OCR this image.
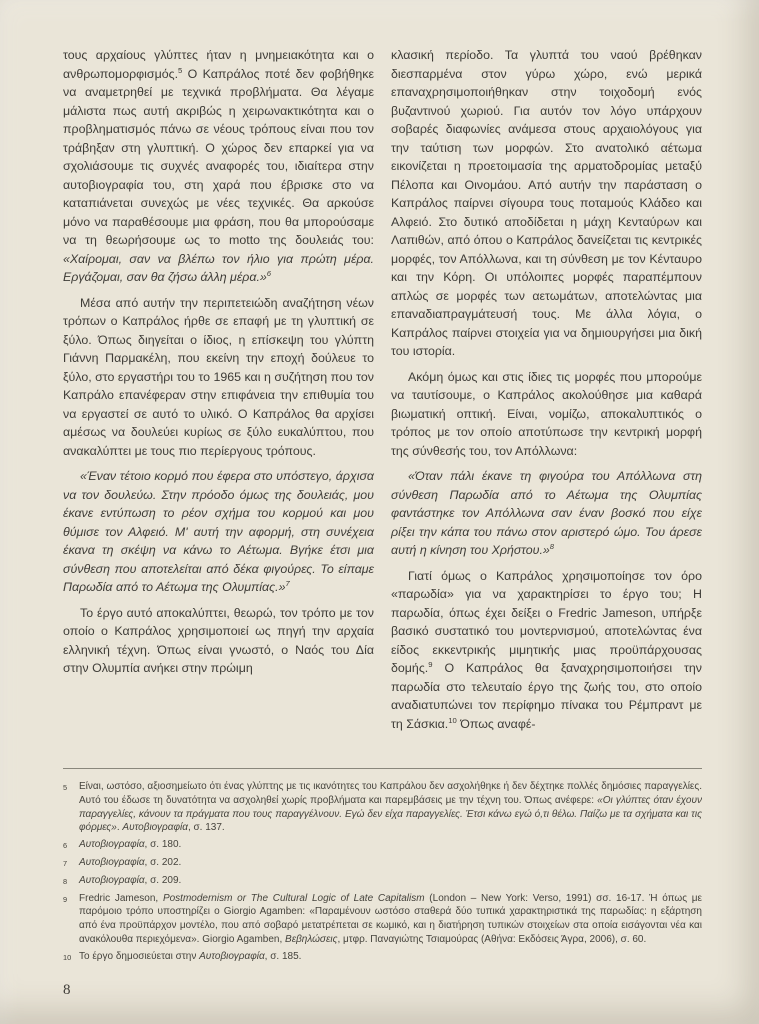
τους αρχαίους γλύπτες ήταν η μνημειακότητα και ο ανθρωπομορφισμός.$^5$ Ο Καπράλος ποτέ δεν φοβήθηκε να αναμετρηθεί με τεχνικά προβλήματα. Θα λέγαμε μάλιστα πως αυτή ακριβώς η χειρωνακτικότητα και ο προβληματισμός πάνω σε νέους τρόπους είναι που τον τράβηξαν στη γλυπτική. Ο χώρος δεν επαρκεί για να σχολιάσουμε τις συχνές αναφορές του, ιδιαίτερα στην αυτοβιογραφία του, στη χαρά που έβρισκε στο να καταπιάνεται συνεχώς με νέες τεχνικές. Θα αρκούσε μόνο να παραθέσουμε μια φράση, που θα μπορούσαμε να τη θεωρήσουμε ως το motto της δουλειάς του: «Χαίρομαι, σαν να βλέπω τον ήλιο για πρώτη μέρα. Εργάζομαι, σαν θα ζήσω άλλη μέρα.»$^6$

Μέσα από αυτήν την περιπετειώδη αναζήτηση νέων τρόπων ο Καπράλος ήρθε σε επαφή με τη γλυπτική σε ξύλο. Όπως διηγείται ο ίδιος, η επίσκεψη του γλύπτη Γιάννη Παρμακέλη, που εκείνη την εποχή δούλευε το ξύλο, στο εργαστήρι του το 1965 και η συζήτηση που τον Καπράλο επανέφεραν στην επιφάνεια την επιθυμία του να εργαστεί σε αυτό το υλικό. Ο Καπράλος θα αρχίσει αμέσως να δουλεύει κυρίως σε ξύλο ευκαλύπτου, που ανακαλύπτει με τους πιο περίεργους τρόπους.

«Έναν τέτοιο κορμό που έφερα στο υπόστεγο, άρχισα να τον δουλεύω. Στην πρόοδο όμως της δουλειάς, μου έκανε εντύπωση το ρέον σχήμα του κορμού και μου θύμισε τον Αλφειό. Μ' αυτή την αφορμή, στη συνέχεια έκανα τη σκέψη να κάνω το Αέτωμα. Βγήκε έτσι μια σύνθεση που αποτελείται από δέκα φιγούρες. Το είπαμε Παρωδία από το Αέτωμα της Ολυμπίας.»$^7$

Το έργο αυτό αποκαλύπτει, θεωρώ, τον τρόπο με τον οποίο ο Καπράλος χρησιμοποιεί ως πηγή την αρχαία ελληνική τέχνη. Όπως είναι γνωστό, ο Ναός του Δία στην Ολυμπία ανήκει στην πρώιμη

κλασική περίοδο. Τα γλυπτά του ναού βρέθηκαν διεσπαρμένα στον γύρω χώρο, ενώ μερικά επαναχρησιμοποιήθηκαν στην τοιχοδομή ενός βυζαντινού χωριού. Για αυτόν τον λόγο υπάρχουν σοβαρές διαφωνίες ανάμεσα στους αρχαιολόγους για την ταύτιση των μορφών. Στο ανατολικό αέτωμα εικονίζεται η προετοιμασία της αρματοδρομίας μεταξύ Πέλοπα και Οινομάου. Από αυτήν την παράσταση ο Καπράλος παίρνει σίγουρα τους ποταμούς Κλάδεο και Αλφειό. Στο δυτικό αποδίδεται η μάχη Κενταύρων και Λαπιθών, από όπου ο Καπράλος δανείζεται τις κεντρικές μορφές, τον Απόλλωνα, και τη σύνθεση με τον Κένταυρο και την Κόρη. Οι υπόλοιπες μορφές παραπέμπουν απλώς σε μορφές των αετωμάτων, αποτελώντας μια επαναδιαπραγμάτευσή τους. Με άλλα λόγια, ο Καπράλος παίρνει στοιχεία για να δημιουργήσει μια δική του ιστορία.

Ακόμη όμως και στις ίδιες τις μορφές που μπορούμε να ταυτίσουμε, ο Καπράλος ακολούθησε μια καθαρά βιωματική οπτική. Είναι, νομίζω, αποκαλυπτικός ο τρόπος με τον οποίο αποτύπωσε την κεντρική μορφή της σύνθεσής του, τον Απόλλωνα:

«Όταν πάλι έκανε τη φιγούρα του Απόλλωνα στη σύνθεση Παρωδία από το Αέτωμα της Ολυμπίας φαντάστηκε τον Απόλλωνα σαν έναν βοσκό που είχε ρίξει την κάπα του πάνω στον αριστερό ώμο. Του άρεσε αυτή η κίνηση του Χρήστου.»$^8$

Γιατί όμως ο Καπράλος χρησιμοποίησε τον όρο «παρωδία» για να χαρακτηρίσει το έργο του; Η παρωδία, όπως έχει δείξει ο Fredric Jameson, υπήρξε βασικό συστατικό του μοντερνισμού, αποτελώντας ένα είδος εκκεντρικής μιμητικής μιας προϋπάρχουσας δομής.$^9$ Ο Καπράλος θα ξαναχρησιμοποιήσει την παρωδία στο τελευταίο έργο της ζωής του, στο οποίο αναδιατυπώνει τον περίφημο πίνακα του Ρέμπραντ με τη Σάσκια.$^{10}$ Όπως αναφέ-

5	Είναι, ωστόσο, αξιοσημείωτο ότι ένας γλύπτης με τις ικανότητες του Καπράλου δεν ασχολήθηκε ή δεν δέχτηκε πολλές δημόσιες παραγγελίες. Αυτό του έδωσε τη δυνατότητα να ασχοληθεί χωρίς προβλήματα και παρεμβάσεις με την τέχνη του. Όπως ανέφερε: «Οι γλύπτες όταν έχουν παραγγελίες, κάνουν τα πράγματα που τους παραγγέλνουν. Εγώ δεν είχα παραγγελίες. Έτσι κάνω εγώ ό,τι θέλω. Παίζω με τα σχήματα και τις φόρμες». Αυτοβιογραφία, σ. 137.
6	Αυτοβιογραφία, σ. 180.
7	Αυτοβιογραφία, σ. 202.
8	Αυτοβιογραφία, σ. 209.
9	Fredric Jameson, Postmodernism or The Cultural Logic of Late Capitalism (London – New York: Verso, 1991) σσ. 16-17. Ή όπως με παρόμοιο τρόπο υποστηρίζει ο Giorgio Agamben: «Παραμένουν ωστόσο σταθερά δύο τυπικά χαρακτηριστικά της παρωδίας: η εξάρτηση από ένα προϋπάρχον μοντέλο, που από σοβαρό μετατρέπεται σε κωμικό, και η διατήρηση τυπικών στοιχείων στα οποία εισάγονται νέα και ανακόλουθα περιεχόμενα». Giorgio Agamben, Βεβηλώσεις, μτφρ. Παναγιώτης Τσιαμούρας (Αθήνα: Εκδόσεις Άγρα, 2006), σ. 60.
10 Το έργο δημοσιεύεται στην Αυτοβιογραφία, σ. 185.
8
